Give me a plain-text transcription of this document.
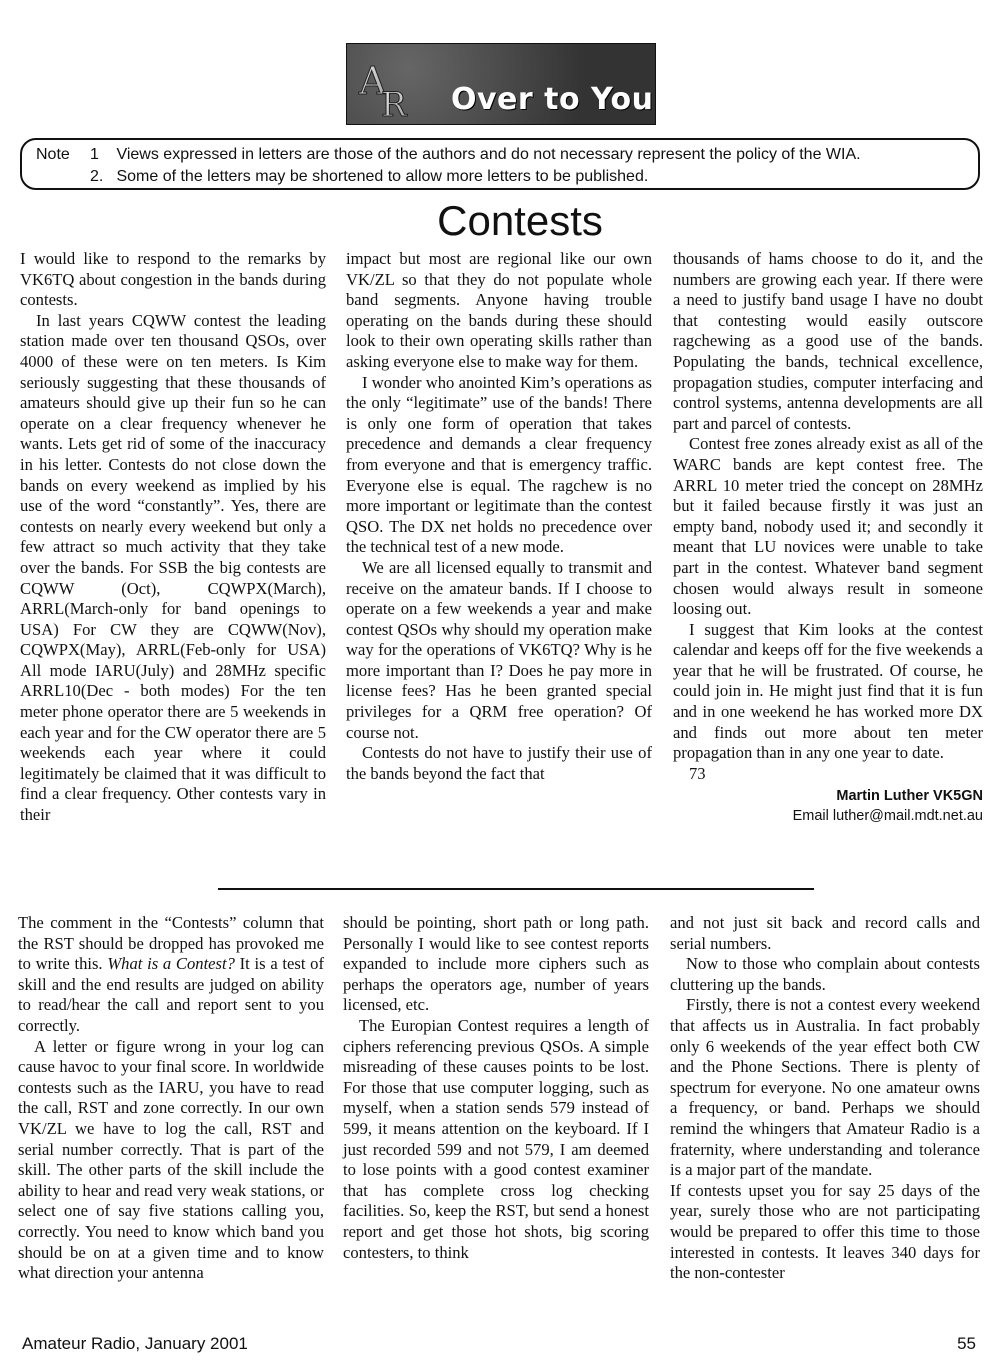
A
R Over to You
Note 1 Views expressed in letters are those of the authors and do not necessary represent the policy of the WIA.
2. Some of the letters may be shortened to allow more letters to be published.
Contests

I would like to respond to the remarks by VK6TQ about congestion in the bands during contests.

In last years CQWW contest the leading station made over ten thousand QSOs, over 4000 of these were on ten meters. Is Kim seriously suggesting that these thousands of amateurs should give up their fun so he can operate on a clear frequency whenever he wants. Lets get rid of some of the inaccuracy in his letter. Contests do not close down the bands on every weekend as implied by his use of the word “constantly”. Yes, there are contests on nearly every weekend but only a few attract so much activity that they take over the bands. For SSB the big contests are CQWW (Oct), CQWPX(March), ARRL(March-only for band openings to USA) For CW they are CQWW(Nov), CQWPX(May), ARRL(Feb-only for USA) All mode IARU(July) and 28MHz specific ARRL10(Dec - both modes) For the ten meter phone operator there are 5 weekends in each year and for the CW operator there are 5 weekends each year where it could legitimately be claimed that it was difficult to find a clear frequency. Other contests vary in their

impact but most are regional like our own VK/ZL so that they do not populate whole band segments. Anyone having trouble operating on the bands during these should look to their own operating skills rather than asking everyone else to make way for them.

I wonder who anointed Kim’s operations as the only “legitimate” use of the bands! There is only one form of operation that takes precedence and demands a clear frequency from everyone and that is emergency traffic. Everyone else is equal. The ragchew is no more important or legitimate than the contest QSO. The DX net holds no precedence over the technical test of a new mode.

We are all licensed equally to transmit and receive on the amateur bands. If I choose to operate on a few weekends a year and make contest QSOs why should my operation make way for the operations of VK6TQ? Why is he more important than I? Does he pay more in license fees? Has he been granted special privileges for a QRM free operation? Of course not.

Contests do not have to justify their use of the bands beyond the fact that

thousands of hams choose to do it, and the numbers are growing each year. If there were a need to justify band usage I have no doubt that contesting would easily outscore ragchewing as a good use of the bands. Populating the bands, technical excellence, propagation studies, computer interfacing and control systems, antenna developments are all part and parcel of contests.

Contest free zones already exist as all of the WARC bands are kept contest free. The ARRL 10 meter tried the concept on 28MHz but it failed because firstly it was just an empty band, nobody used it; and secondly it meant that LU novices were unable to take part in the contest. Whatever band segment chosen would always result in someone loosing out.

I suggest that Kim looks at the contest calendar and keeps off for the five weekends a year that he will be frustrated. Of course, he could join in. He might just find that it is fun and in one weekend he has worked more DX and finds out more about ten meter propagation than in any one year to date.

73

Martin Luther VK5GN
Email luther@mail.mdt.net.au

The comment in the “Contests” column that the RST should be dropped has provoked me to write this. What is a Contest? It is a test of skill and the end results are judged on ability to read/hear the call and report sent to you correctly.

A letter or figure wrong in your log can cause havoc to your final score. In worldwide contests such as the IARU, you have to read the call, RST and zone correctly. In our own VK/ZL we have to log the call, RST and serial number correctly. That is part of the skill. The other parts of the skill include the ability to hear and read very weak stations, or select one of say five stations calling you, correctly. You need to know which band you should be on at a given time and to know what direction your antenna

should be pointing, short path or long path. Personally I would like to see contest reports expanded to include more ciphers such as perhaps the operators age, number of years licensed, etc.

The Europian Contest requires a length of ciphers referencing previous QSOs. A simple misreading of these causes points to be lost. For those that use computer logging, such as myself, when a station sends 579 instead of 599, it means attention on the keyboard. If I just recorded 599 and not 579, I am deemed to lose points with a good contest examiner that has complete cross log checking facilities. So, keep the RST, but send a honest report and get those hot shots, big scoring contesters, to think

and not just sit back and record calls and serial numbers.

Now to those who complain about contests cluttering up the bands.

Firstly, there is not a contest every weekend that affects us in Australia. In fact probably only 6 weekends of the year effect both CW and the Phone Sections. There is plenty of spectrum for everyone. No one amateur owns a frequency, or band. Perhaps we should remind the whingers that Amateur Radio is a fraternity, where understanding and tolerance is a major part of the mandate.

If contests upset you for say 25 days of the year, surely those who are not participating would be prepared to offer this time to those interested in contests. It leaves 340 days for the non-contester

Amateur Radio, January 2001	55
